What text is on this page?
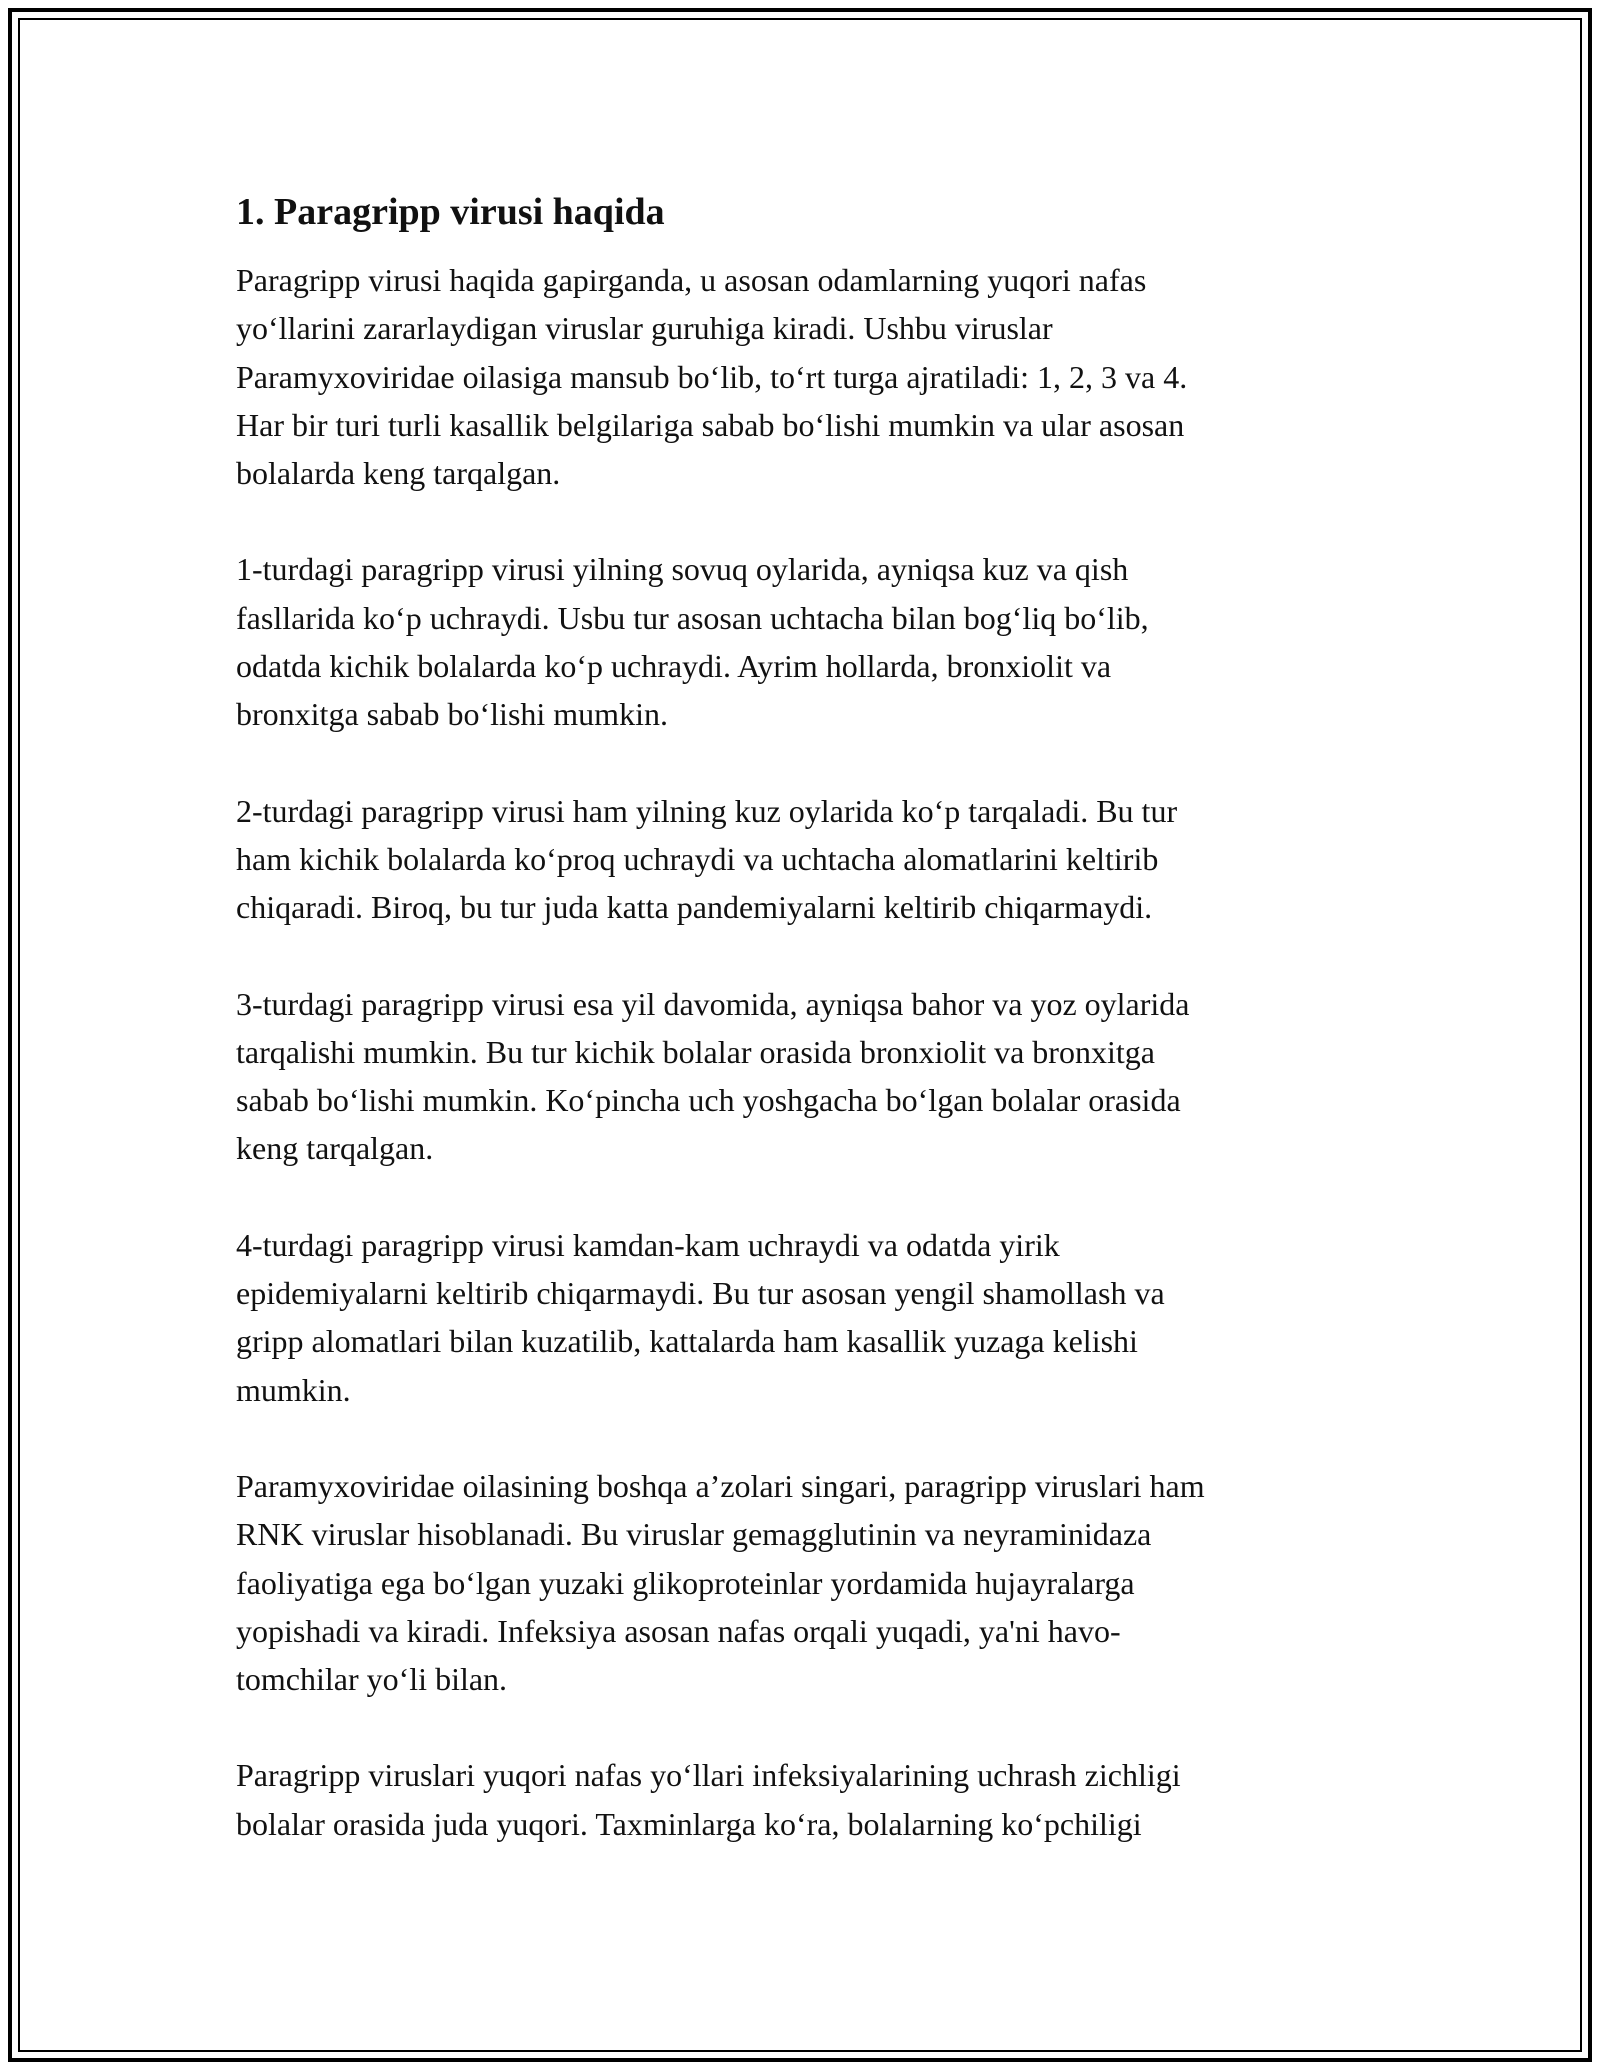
1. Paragripp virusi haqida

Paragripp virusi haqida gapirganda, u asosan odamlarning yuqori nafas
yo‘llarini zararlaydigan viruslar guruhiga kiradi. Ushbu viruslar
Paramyxoviridae oilasiga mansub bo‘lib, to‘rt turga ajratiladi: 1, 2, 3 va 4.
Har bir turi turli kasallik belgilariga sabab bo‘lishi mumkin va ular asosan
bolalarda keng tarqalgan.

1-turdagi paragripp virusi yilning sovuq oylarida, ayniqsa kuz va qish
fasllarida ko‘p uchraydi. Usbu tur asosan uchtacha bilan bog‘liq bo‘lib,
odatda kichik bolalarda ko‘p uchraydi. Ayrim hollarda, bronxiolit va
bronxitga sabab bo‘lishi mumkin.

2-turdagi paragripp virusi ham yilning kuz oylarida ko‘p tarqaladi. Bu tur
ham kichik bolalarda ko‘proq uchraydi va uchtacha alomatlarini keltirib
chiqaradi. Biroq, bu tur juda katta pandemiyalarni keltirib chiqarmaydi.

3-turdagi paragripp virusi esa yil davomida, ayniqsa bahor va yoz oylarida
tarqalishi mumkin. Bu tur kichik bolalar orasida bronxiolit va bronxitga
sabab bo‘lishi mumkin. Ko‘pincha uch yoshgacha bo‘lgan bolalar orasida
keng tarqalgan.

4-turdagi paragripp virusi kamdan-kam uchraydi va odatda yirik
epidemiyalarni keltirib chiqarmaydi. Bu tur asosan yengil shamollash va
gripp alomatlari bilan kuzatilib, kattalarda ham kasallik yuzaga kelishi
mumkin.

Paramyxoviridae oilasining boshqa a’zolari singari, paragripp viruslari ham
RNK viruslar hisoblanadi. Bu viruslar gemagglutinin va neyraminidaza
faoliyatiga ega bo‘lgan yuzaki glikoproteinlar yordamida hujayralarga
yopishadi va kiradi. Infeksiya asosan nafas orqali yuqadi, ya'ni havo-
tomchilar yo‘li bilan.

Paragripp viruslari yuqori nafas yo‘llari infeksiyalarining uchrash zichligi
bolalar orasida juda yuqori. Taxminlarga ko‘ra, bolalarning ko‘pchiligi
